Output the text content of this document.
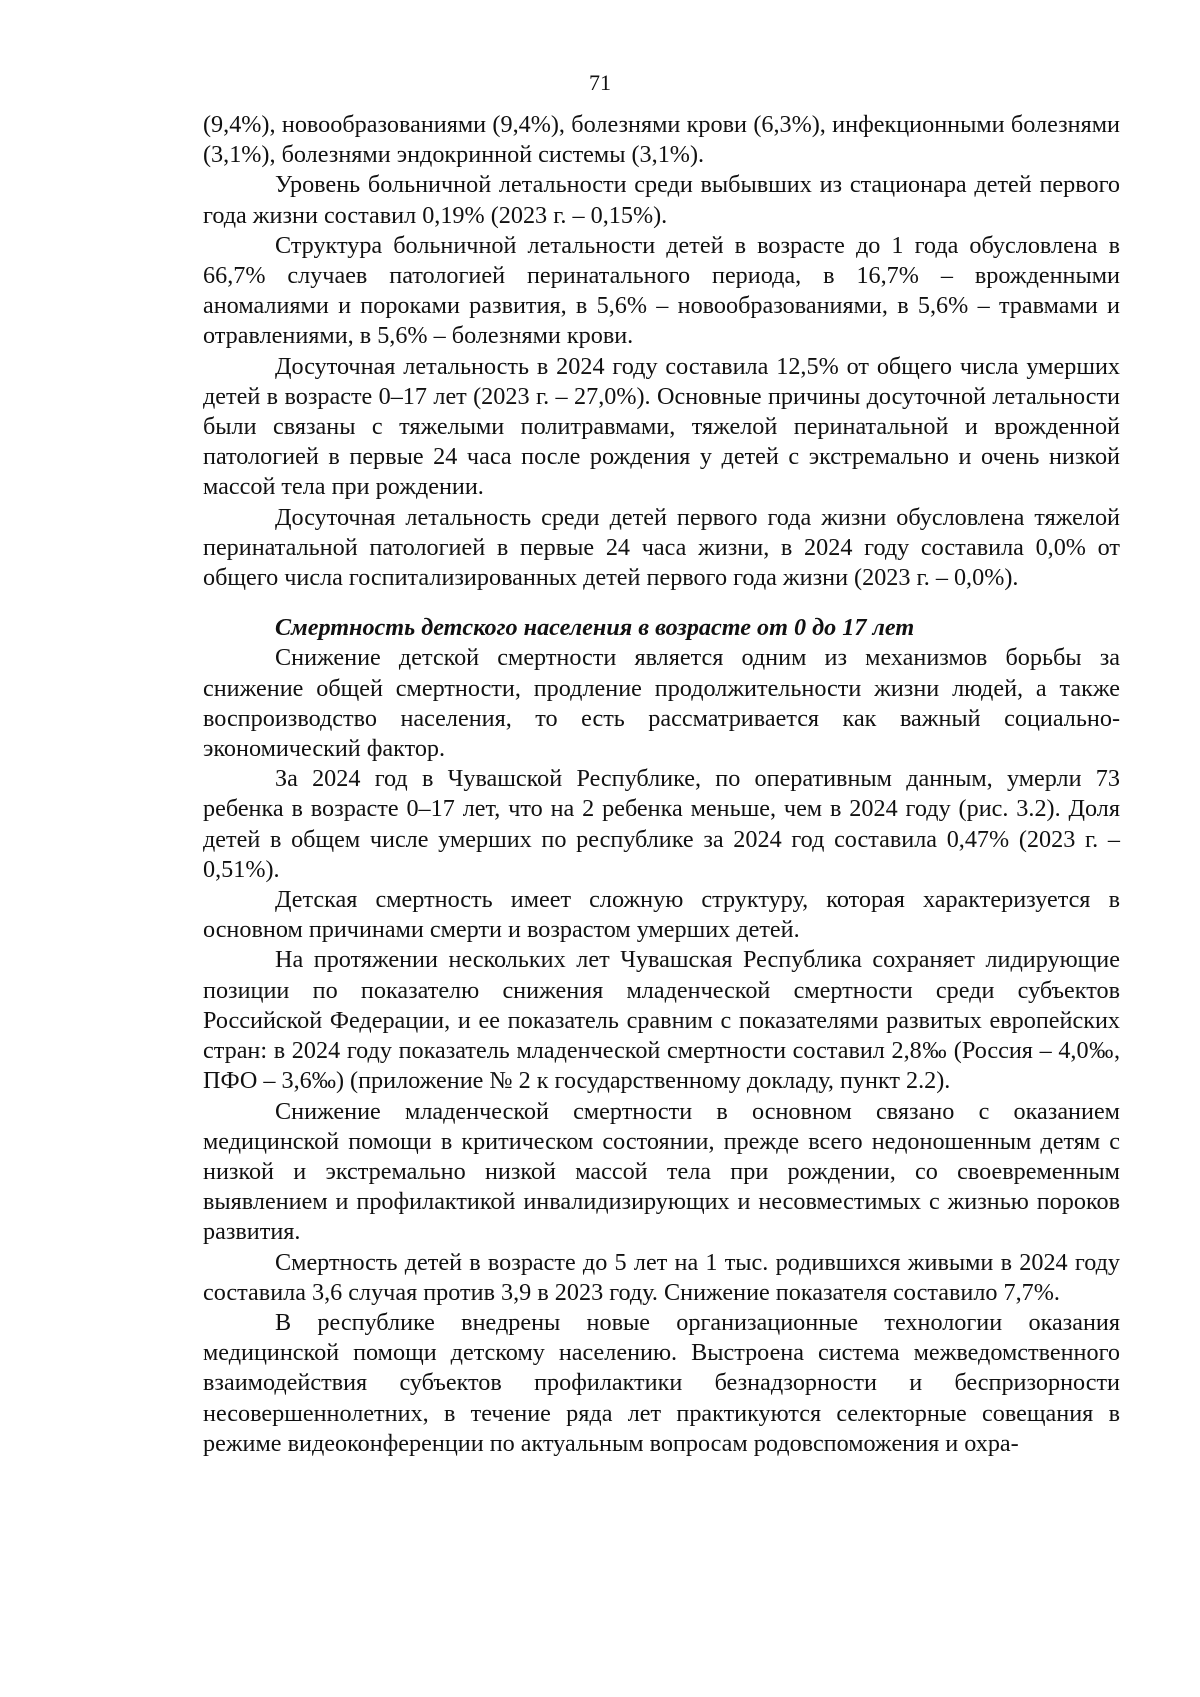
71

(9,4%), новообразованиями (9,4%), болезнями крови (6,3%), инфекционными болезнями (3,1%), болезнями эндокринной системы (3,1%).

Уровень больничной летальности среди выбывших из стационара детей первого года жизни составил 0,19% (2023 г. – 0,15%).

Структура больничной летальности детей в возрасте до 1 года обусловлена в 66,7% случаев патологией перинатального периода, в 16,7% – врожденными аномалиями и пороками развития, в 5,6% – новообразованиями, в 5,6% – травмами и отравлениями, в 5,6% – болезнями крови.

Досуточная летальность в 2024 году составила 12,5% от общего числа умерших детей в возрасте 0–17 лет (2023 г. – 27,0%). Основные причины досуточной летальности были связаны с тяжелыми политравмами, тяжелой перинатальной и врожденной патологией в первые 24 часа после рождения у детей с экстремально и очень низкой массой тела при рождении.

Досуточная летальность среди детей первого года жизни обусловлена тяжелой перинатальной патологией в первые 24 часа жизни, в 2024 году составила 0,0% от общего числа госпитализированных детей первого года жизни (2023 г. – 0,0%).

Смертность детского населения в возрасте от 0 до 17 лет

Снижение детской смертности является одним из механизмов борьбы за снижение общей смертности, продление продолжительности жизни людей, а также воспроизводство населения, то есть рассматривается как важный социально-экономический фактор.

За 2024 год в Чувашской Республике, по оперативным данным, умерли 73 ребенка в возрасте 0–17 лет, что на 2 ребенка меньше, чем в 2024 году (рис. 3.2). Доля детей в общем числе умерших по республике за 2024 год составила 0,47% (2023 г. – 0,51%).

Детская смертность имеет сложную структуру, которая характеризуется в основном причинами смерти и возрастом умерших детей.

На протяжении нескольких лет Чувашская Республика сохраняет лидирующие позиции по показателю снижения младенческой смертности среди субъектов Российской Федерации, и ее показатель сравним с показателями развитых европейских стран: в 2024 году показатель младенческой смертности составил 2,8‰ (Россия – 4,0‰, ПФО – 3,6‰) (приложение № 2 к государственному докладу, пункт 2.2).

Снижение младенческой смертности в основном связано с оказанием медицинской помощи в критическом состоянии, прежде всего недоношенным детям с низкой и экстремально низкой массой тела при рождении, со своевременным выявлением и профилактикой инвалидизирующих и несовместимых с жизнью пороков развития.

Смертность детей в возрасте до 5 лет на 1 тыс. родившихся живыми в 2024 году составила 3,6 случая против 3,9 в 2023 году. Снижение показателя составило 7,7%.

В республике внедрены новые организационные технологии оказания медицинской помощи детскому населению. Выстроена система межведомственного взаимодействия субъектов профилактики безнадзорности и беспризорности несовершеннолетних, в течение ряда лет практикуются селекторные совещания в режиме видеоконференции по актуальным вопросам родовспоможения и охра-
